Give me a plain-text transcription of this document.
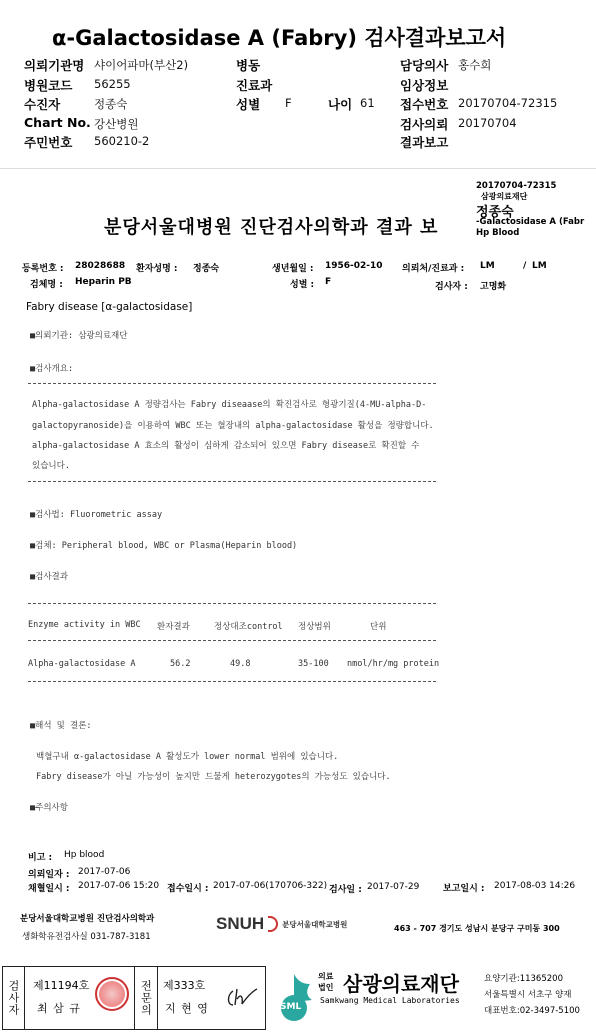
α-Galactosidase A (Fabry) 검사결과보고서
의뢰기관명 샤이어파마(부산2)
병원코드 56255
수진자	정종숙
Chart No. 강산병원
주민번호 560210-2
병동
진료과
성별 F	나이 61
담당의사 홍수희
임상정보
접수번호 20170704-72315
검사의뢰 20170704
결과보고
20170704-72315
삼광의료재단
정종숙
-Galactosidase A (Fabr
Hp Blood
분당서울대병원 진단검사의학과 결과 보
등록번호 : 28028688 환자성명 : 정종숙	생년월일 : 1956-02-10 의뢰처/진료과 : LM	/ LM
검체명 : Heparin PB	성별 : F	검사자 : 고명화
Fabry disease [α-galactosidase]
■의뢰기관: 삼광의료재단
■검사개요:
Alpha-galactosidase A 정량검사는 Fabry diseaase의 확진검사로 형광기질(4-MU-alpha-D-
galactopyranoside)을 이용하여 WBC 또는 혈장내의 alpha-galactosidase 활성을 정량합니다.
alpha-galactosidase A 효소의 활성이 심하게 감소되어 있으면 Fabry disease로 확진할 수
있습니다.
■검사법: Fluorometric assay
■검체: Peripheral blood, WBC or Plasma(Heparin blood)
■검사결과
Enzyme activity in WBC 환자결과	정상대조control 정상범위	단위
Alpha-galactosidase A	56.2	49.8	35-100 nmol/hr/mg protein
■해석 및 결론:
백혈구내 α-galactosidase A 활성도가 lower normal 범위에 있습니다.
Fabry disease가 아닐 가능성이 높지만 드물게 heterozygotes의 가능성도 있습니다.
■주의사항
비고 : Hp blood
의뢰일자 : 2017-07-06
채혈일시 : 2017-07-06 15:20 접수일시 : 2017-07-06(170706-322) 검사일 : 2017-07-29	보고일시 : 2017-08-03 14:26
분당서울대학교병원 진단검사의학과
생화학유전검사실 031-787-3181
SNUH 분당서울대학교병원	463 - 707 경기도 성남시 분당구 구미동 300
검사자 제11194호
최 삼 규	전문의 제333호
지 현 영	SML
의료
법인 삼광의료재단
Samkwang Medical Laboratories
요양기관:11365200
서울특별시 서초구 양재
대표번호:02-3497-5100
